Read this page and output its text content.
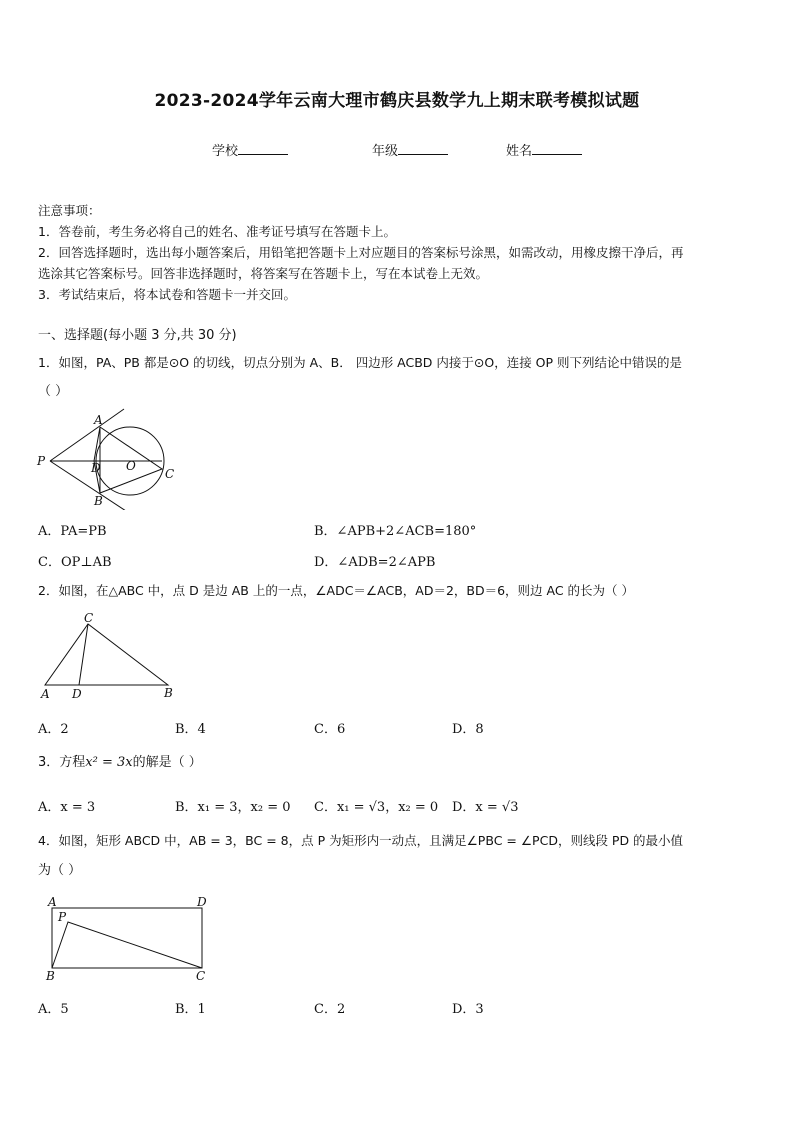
2023-2024学年云南大理市鹤庆县数学九上期末联考模拟试题
学校	年级	姓名
注意事项：
1．答卷前，考生务必将自己的姓名、准考证号填写在答题卡上。
2．回答选择题时，选出每小题答案后，用铅笔把答题卡上对应题目的答案标号涂黑，如需改动，用橡皮擦干净后，再
选涂其它答案标号。回答非选择题时，将答案写在答题卡上，写在本试卷上无效。
3．考试结束后，将本试卷和答题卡一并交回。
一、选择题(每小题 3 分,共 30 分)
1．如图，PA、PB 都是⊙O 的切线，切点分别为 A、B． 四边形 ACBD 内接于⊙O，连接 OP 则下列结论中错误的是
（ ）
A
B
C
D O
P
A．PA=PB	B．∠APB+2∠ACB=180°
C．OP⊥AB	D．∠ADB=2∠APB
2．如图，在△ABC 中，点 D 是边 AB 上的一点，∠ADC＝∠ACB，AD＝2，BD＝6，则边 AC 的长为（ ）
C
A D	B
A．2	B．4	C．6	D．8
3．方程x² = 3x的解是（ ）
A．x = 3	B．x₁ = 3，x₂ = 0 C．x₁ = √3，x₂ = 0 D．x = √3
4．如图，矩形 ABCD 中，AB = 3，BC = 8，点 P 为矩形内一动点，且满足∠PBC = ∠PCD，则线段 PD 的最小值
为（ ）
A	D
B	C
P
A．5	B．1	C．2	D．3
